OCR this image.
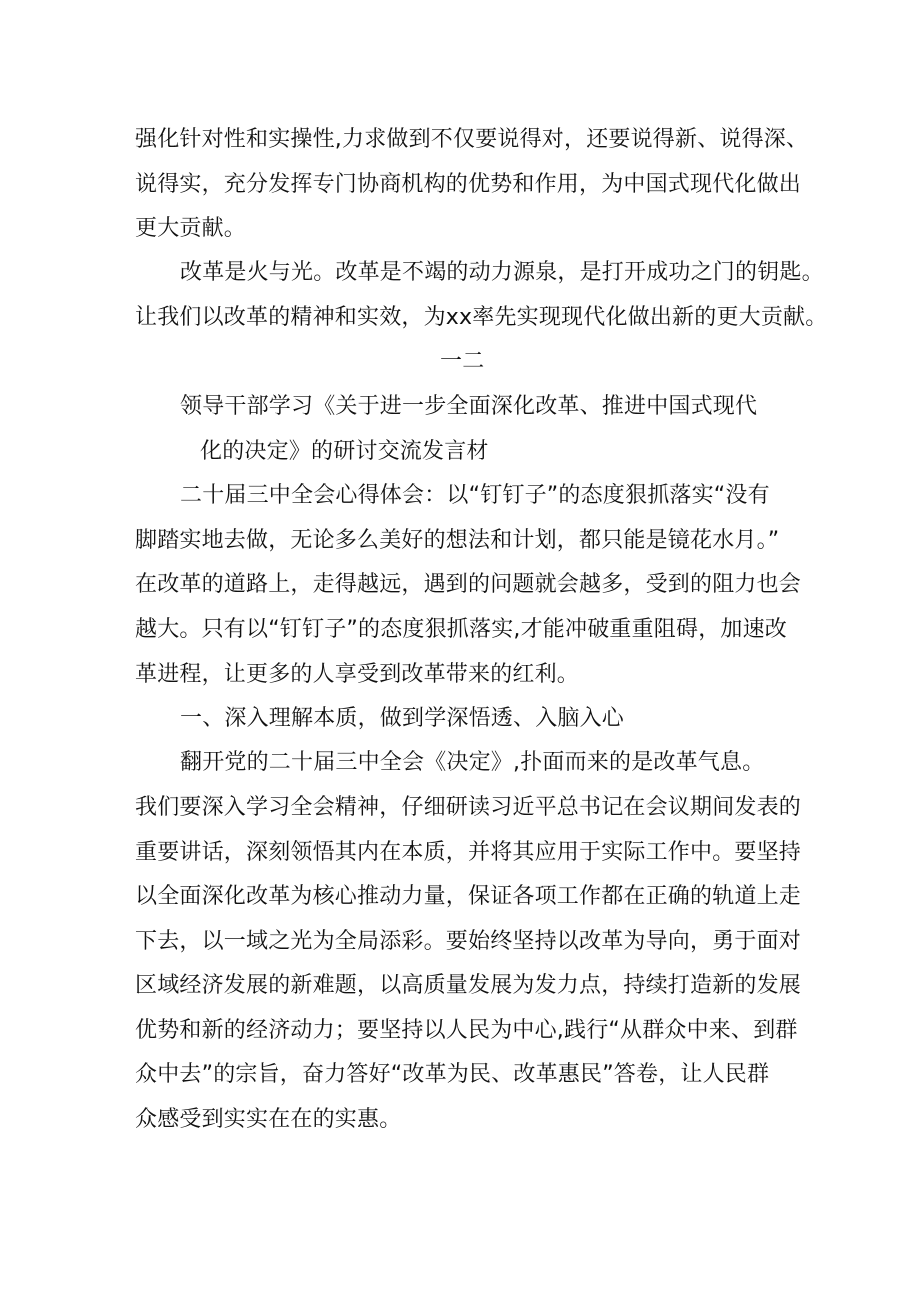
强化针对性和实操性,力求做到不仅要说得对，还要说得新、说得深、
说得实，充分发挥专门协商机构的优势和作用，为中国式现代化做出
更大贡献。
改革是火与光。改革是不竭的动力源泉，是打开成功之门的钥匙。
让我们以改革的精神和实效，为xx率先实现现代化做出新的更大贡献。
一二
领导干部学习《关于进一步全面深化改革、推进中国式现代
化的决定》的研讨交流发言材
二十届三中全会心得体会：以“钉钉子”的态度狠抓落实“没有
脚踏实地去做，无论多么美好的想法和计划，都只能是镜花水月。”
在改革的道路上，走得越远，遇到的问题就会越多，受到的阻力也会
越大。只有以“钉钉子”的态度狠抓落实,才能冲破重重阻碍，加速改
革进程，让更多的人享受到改革带来的红利。
一、深入理解本质，做到学深悟透、入脑入心
翻开党的二十届三中全会《决定》,扑面而来的是改革气息。
我们要深入学习全会精神，仔细研读习近平总书记在会议期间发表的
重要讲话，深刻领悟其内在本质，并将其应用于实际工作中。要坚持
以全面深化改革为核心推动力量，保证各项工作都在正确的轨道上走
下去，以一域之光为全局添彩。要始终坚持以改革为导向，勇于面对
区域经济发展的新难题，以高质量发展为发力点，持续打造新的发展
优势和新的经济动力；要坚持以人民为中心,践行“从群众中来、到群
众中去”的宗旨，奋力答好“改革为民、改革惠民”答卷，让人民群
众感受到实实在在的实惠。
